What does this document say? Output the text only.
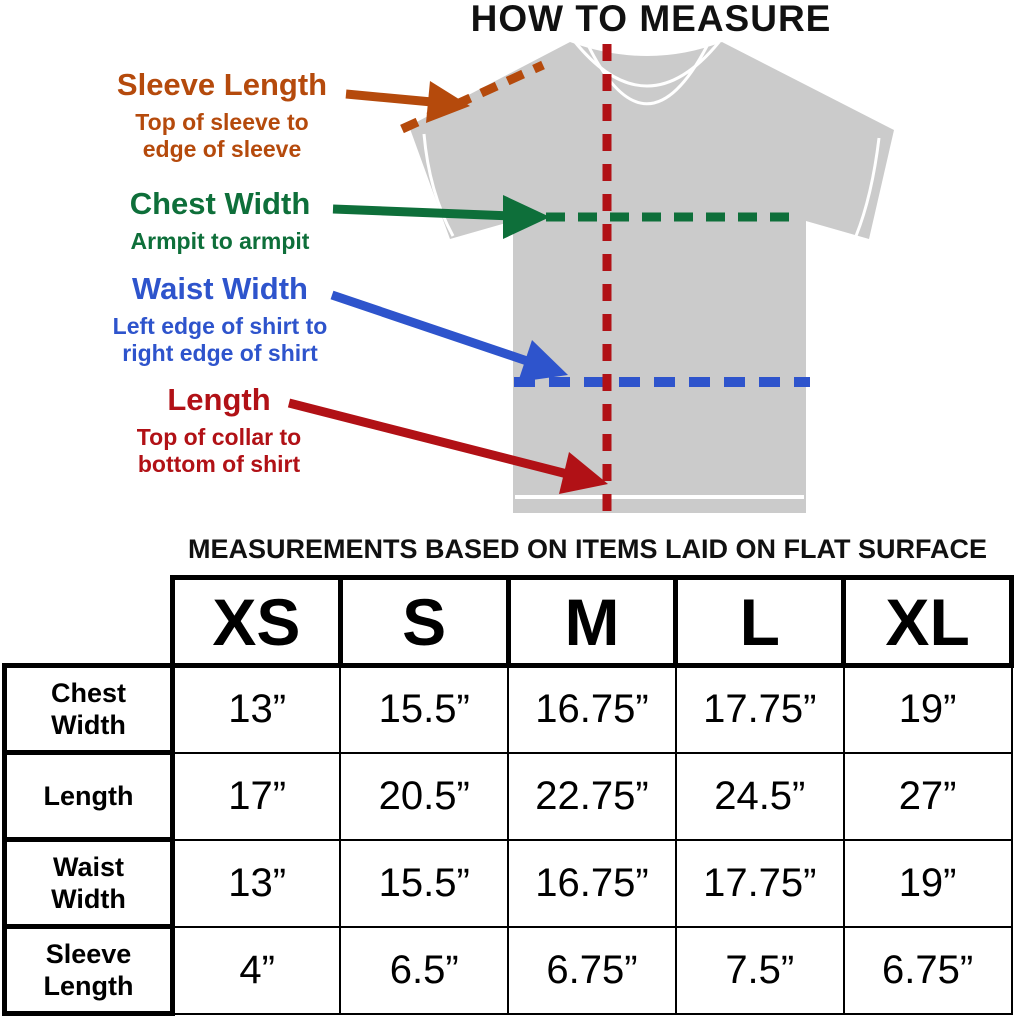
HOW TO MEASURE
Sleeve Length
Top of sleeve to
edge of sleeve
Chest Width
Armpit to armpit
Waist Width
Left edge of shirt to
right edge of shirt
Length
Top of collar to
bottom of shirt
MEASUREMENTS BASED ON ITEMS LAID ON FLAT SURFACE
	XS	S	M	L	XL

Chest
Width	13”	15.5”	16.75”	17.75”	19”

Length	17”	20.5”	22.75”	24.5”	27”

Waist
Width	13”	15.5”	16.75”	17.75”	19”

Sleeve
Length	4”	6.5”	6.75”	7.5”	6.75”
